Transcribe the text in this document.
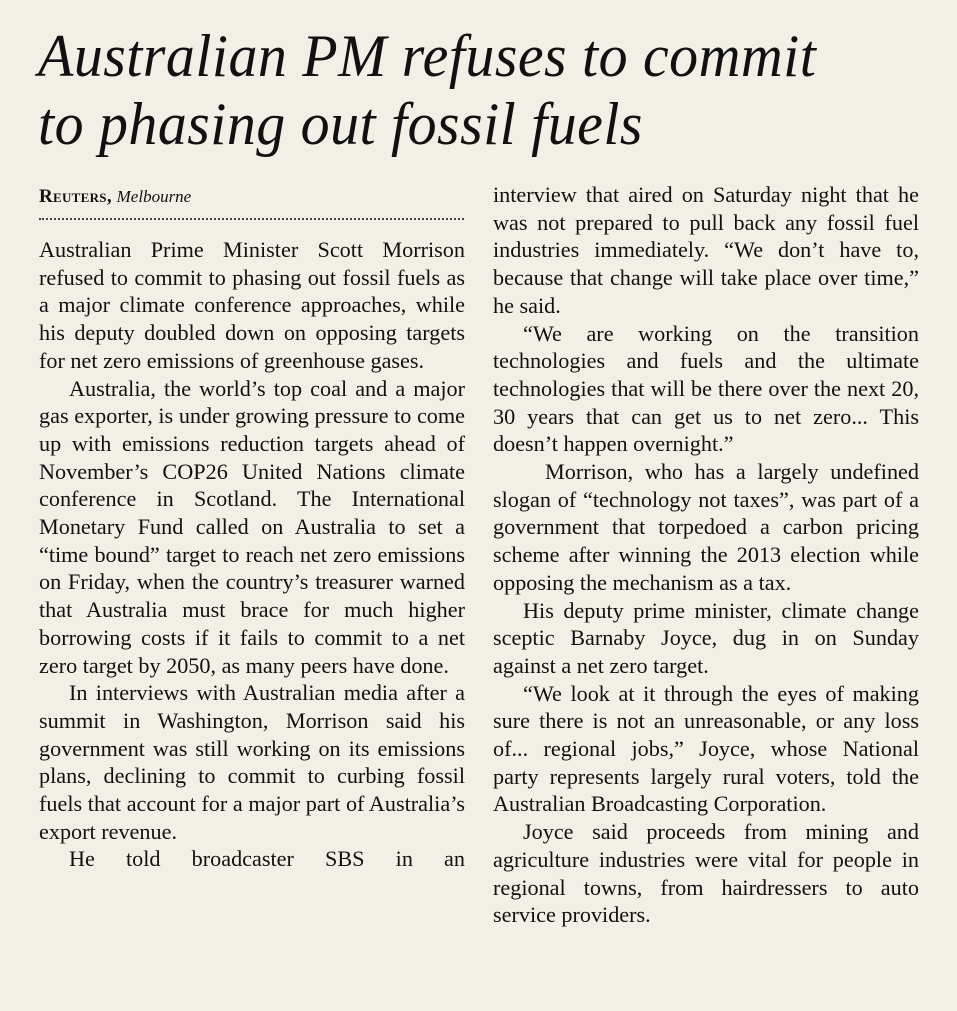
Australian PM refuses to commit
to phasing out fossil fuels
Reuters, Melbourne

Australian Prime Minister Scott Morrison refused to commit to phasing out fossil fuels as a major climate conference approaches, while his deputy doubled down on opposing targets for net zero emissions of greenhouse gases.

Australia, the world’s top coal and a major gas exporter, is under growing pressure to come up with emissions reduction targets ahead of November’s COP26 United Nations climate conference in Scotland. The International Monetary Fund called on Australia to set a “time bound” target to reach net zero emissions on Friday, when the country’s treasurer warned that Australia must brace for much higher borrowing costs if it fails to commit to a net zero target by 2050, as many peers have done.

In interviews with Australian media after a summit in Washington, Morrison said his government was still working on its emissions plans, declining to commit to curbing fossil fuels that account for a major part of Australia’s export revenue.

He told broadcaster SBS in an

interview that aired on Saturday night that he was not prepared to pull back any fossil fuel industries immediately. “We don’t have to, because that change will take place over time,” he said.

“We are working on the transition technologies and fuels and the ultimate technologies that will be there over the next 20, 30 years that can get us to net zero... This doesn’t happen overnight.”

Morrison, who has a largely undefined slogan of “technology not taxes”, was part of a government that torpedoed a carbon pricing scheme after winning the 2013 election while opposing the mechanism as a tax.

His deputy prime minister, climate change sceptic Barnaby Joyce, dug in on Sunday against a net zero target.

“We look at it through the eyes of making sure there is not an unreasonable, or any loss of... regional jobs,” Joyce, whose National party represents largely rural voters, told the Australian Broadcasting Corporation.

Joyce said proceeds from mining and agriculture industries were vital for people in regional towns, from hairdressers to auto service providers.
